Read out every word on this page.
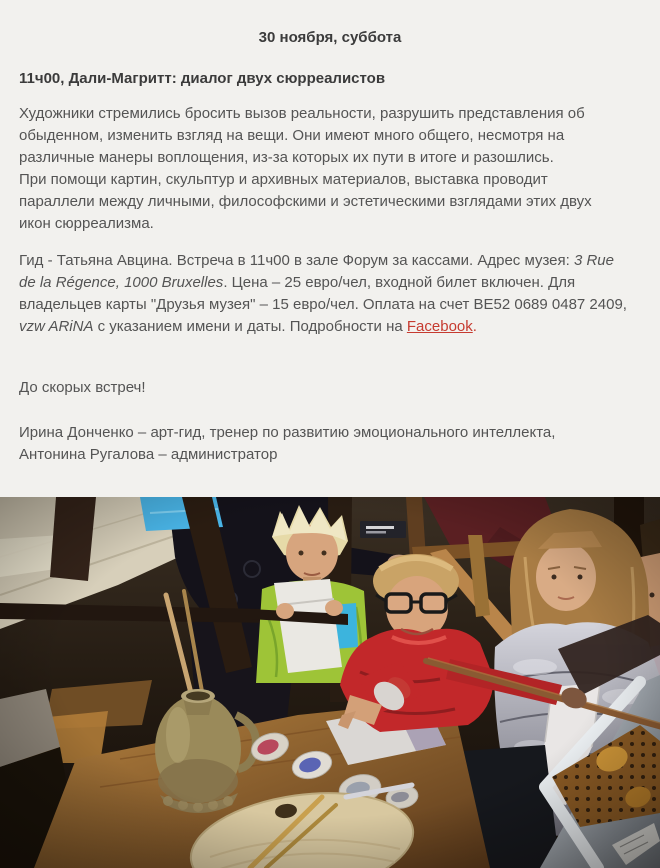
30 ноября, суббота
11ч00, Дали-Магритт: диалог двух сюрреалистов

Художники стремились бросить вызов реальности, разрушить представления об обыденном, изменить взгляд на вещи. Они имеют много общего, несмотря на различные манеры воплощения, из-за которых их пути в итоге и разошлись.
При помощи картин, скульптур и архивных материалов, выставка проводит параллели между личными, философскими и эстетическими взглядами этих двух икон сюрреализма.

Гид - Татьяна Авцина. Встреча в 11ч00 в зале Форум за кассами. Адрес музея: 3 Rue de la Régence, 1000 Bruxelles. Цена – 25 евро/чел, входной билет включен. Для владельцев карты "Друзья музея" – 15 евро/чел. Оплата на счет BE52 0689 0487 2409, vzw ARiNA с указанием имени и даты. Подробности на Facebook.

До скорых встреч!

Ирина Донченко – арт-гид, тренер по развитию эмоционального интеллекта,
Антонина Ругалова – администратор
